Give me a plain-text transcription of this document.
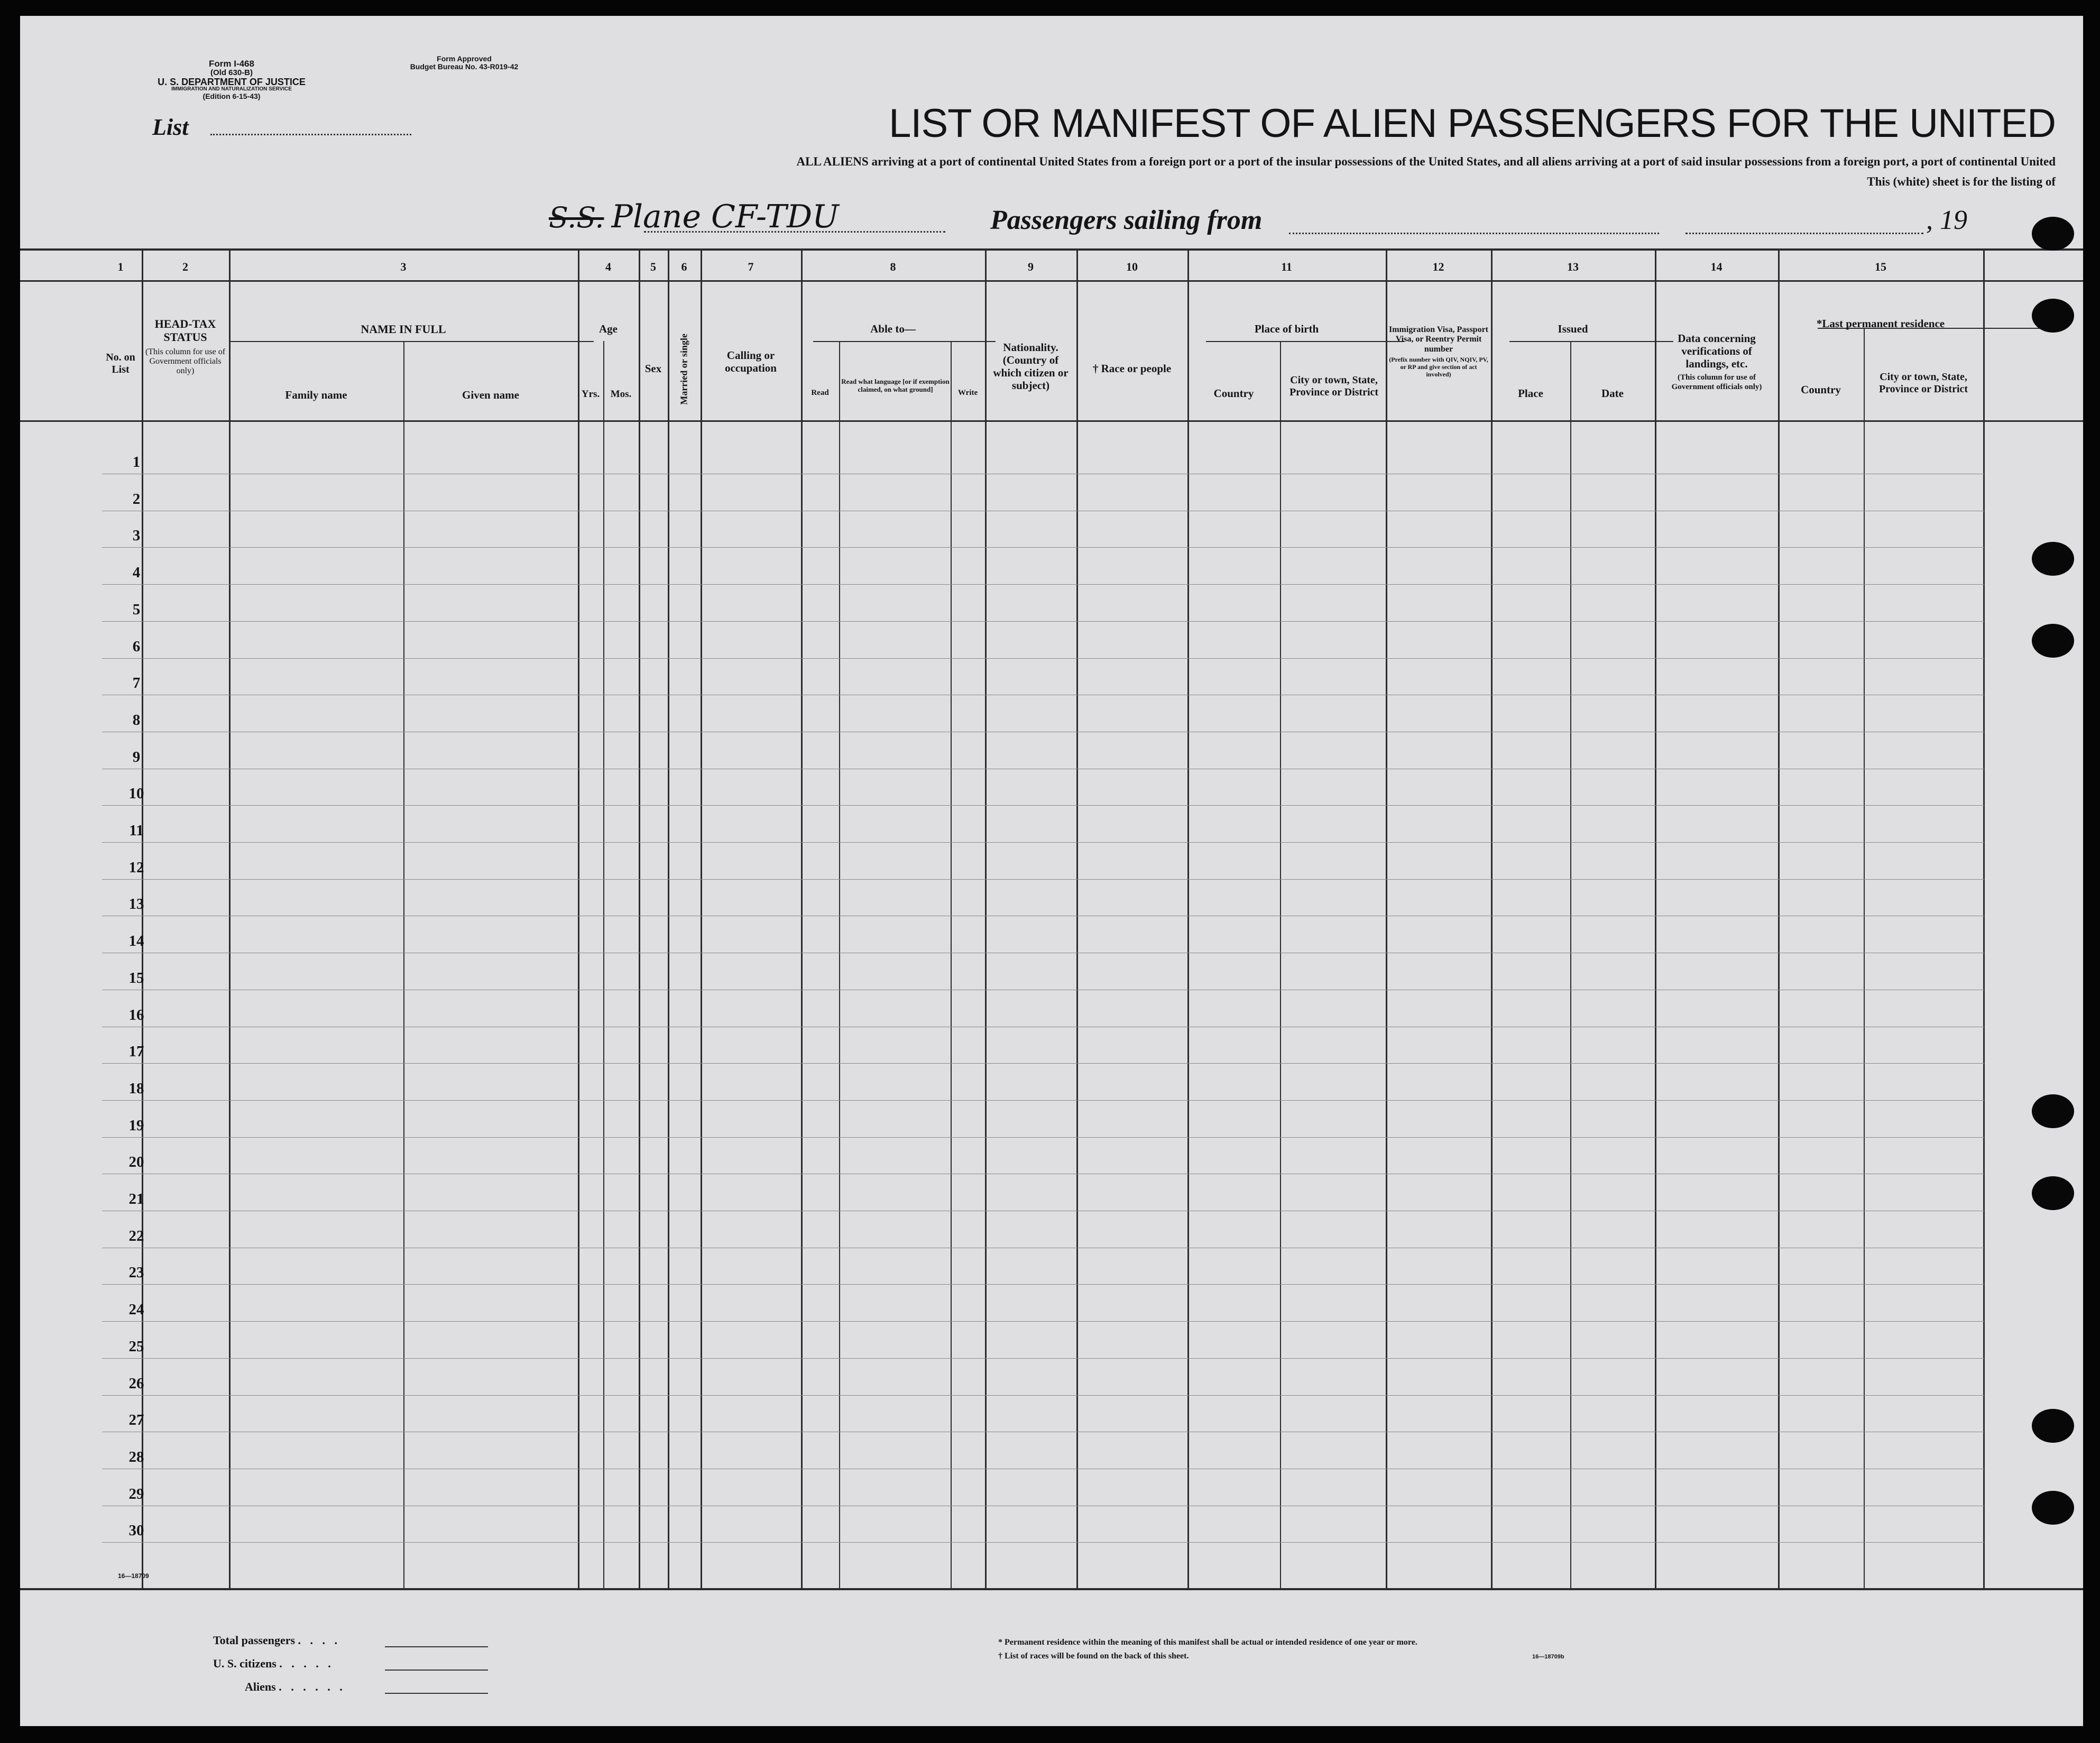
Form I-468
(Old 630-B)
U. S. DEPARTMENT OF JUSTICE
IMMIGRATION AND NATURALIZATION SERVICE
(Edition 6-15-43)
Form Approved
Budget Bureau No. 43-R019-42
List	LIST OR MANIFEST OF ALIEN PASSENGERS FOR THE UNITED
ALL ALIENS arriving at a port of continental United States from a foreign port or a port of the insular possessions of the United States, and all aliens arriving at a port of said insular possessions from a foreign port, a port of continental United
This (white) sheet is for the listing of
S.S. Plane CF-TDU	Passengers sailing from	, 19
1	2	3	4	5	6	7	8	9	10	11	12	13	14	15
No. on List
HEAD-TAX STATUS
(This column for use of Government officials only)
NAME IN FULL
Family name	Given name
Age
Yrs.	Mos.
Sex	Married or single	Calling or occupation
Able to—
Read
Read what language [or if exemption claimed, on what ground]	Write
Nationality. (Country of which citizen or subject)
† Race or people
Place of birth
Country
City or town, State, Province or District
Immigration Visa, Passport Visa, or Reentry Permit number
(Prefix number with QIV, NQIV, PV, or RP and give section of act involved)
Issued
Place	Date
Data concerning verifications of landings, etc.
(This column for use of Government officials only)
*Last permanent residence
Country
City or town, State, Province or District
1
2
3
4
5
6
7
8
9
10
11
12
13
14
15
16
17
18
19
20
21
22
23
24
25
26
27
28
29
30
16—18709
Total passengers . . . .
U. S. citizens . . . . .
Aliens . . . . . .
* Permanent residence within the meaning of this manifest shall be actual or intended residence of one year or more.
† List of races will be found on the back of this sheet.	16—18709b
